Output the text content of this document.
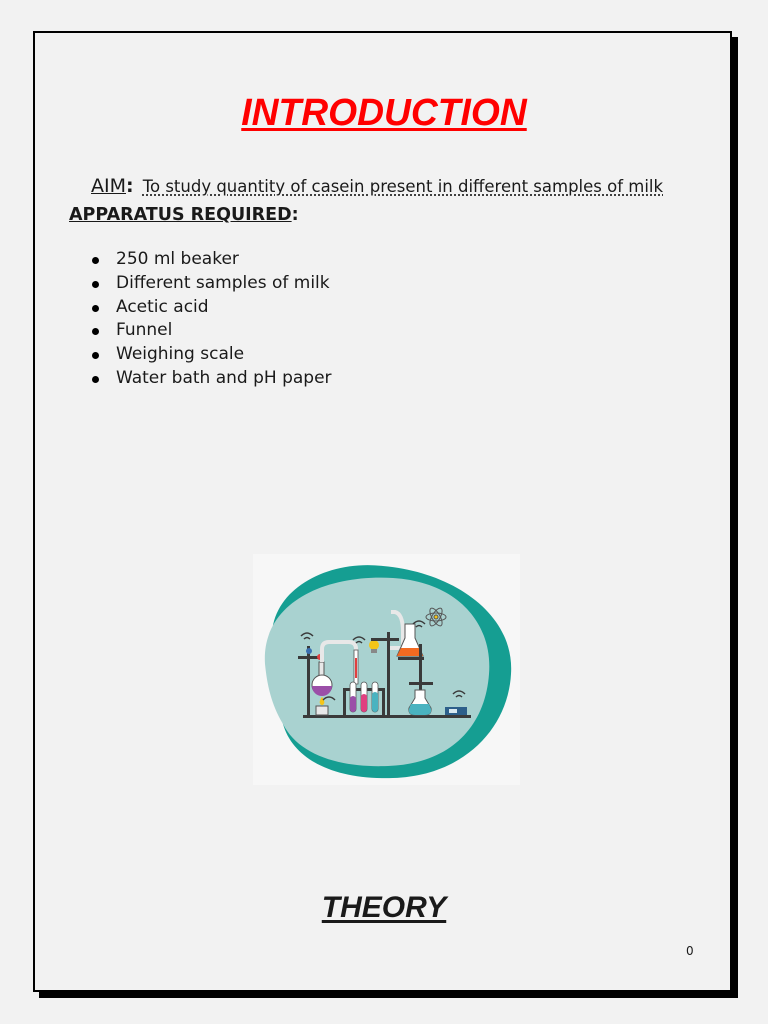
INTRODUCTION
AIM: To study quantity of casein present in different samples of milk
APPARATUS REQUIRED:
250 ml beaker
Different samples of milk
Acetic acid
Funnel
Weighing scale
Water bath and pH paper
THEORY
0
